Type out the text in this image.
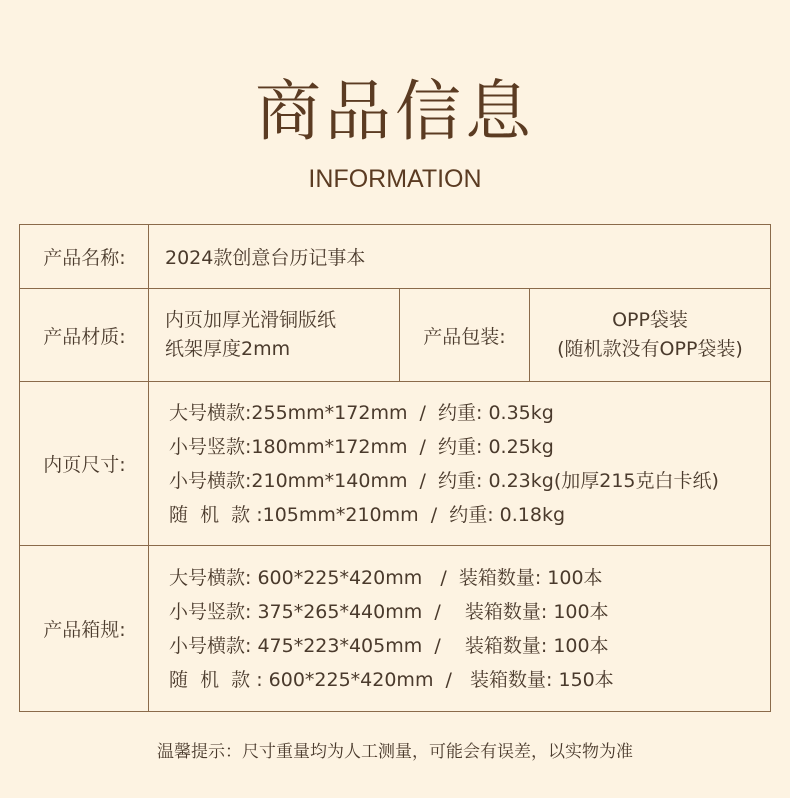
商品信息
INFORMATION
产品名称: 2024款创意台历记事本
产品材质:
内页加厚光滑铜版纸
纸架厚度2mm
产品包装:
OPP袋装
(随机款没有OPP袋装)
内页尺寸:
大号横款:255mm*172mm  /  约重: 0.35kg
小号竖款:180mm*172mm  /  约重: 0.25kg
小号横款:210mm*140mm  /  约重: 0.23kg(加厚215克白卡纸)
随  机  款 :105mm*210mm  /  约重: 0.18kg
产品箱规:
大号横款: 600*225*420mm   /  装箱数量: 100本
小号竖款: 375*265*440mm  /    装箱数量: 100本
小号横款: 475*223*405mm  /    装箱数量: 100本
随  机  款 : 600*225*420mm  /   装箱数量: 150本
温馨提示：尺寸重量均为人工测量，可能会有误差，以实物为准
